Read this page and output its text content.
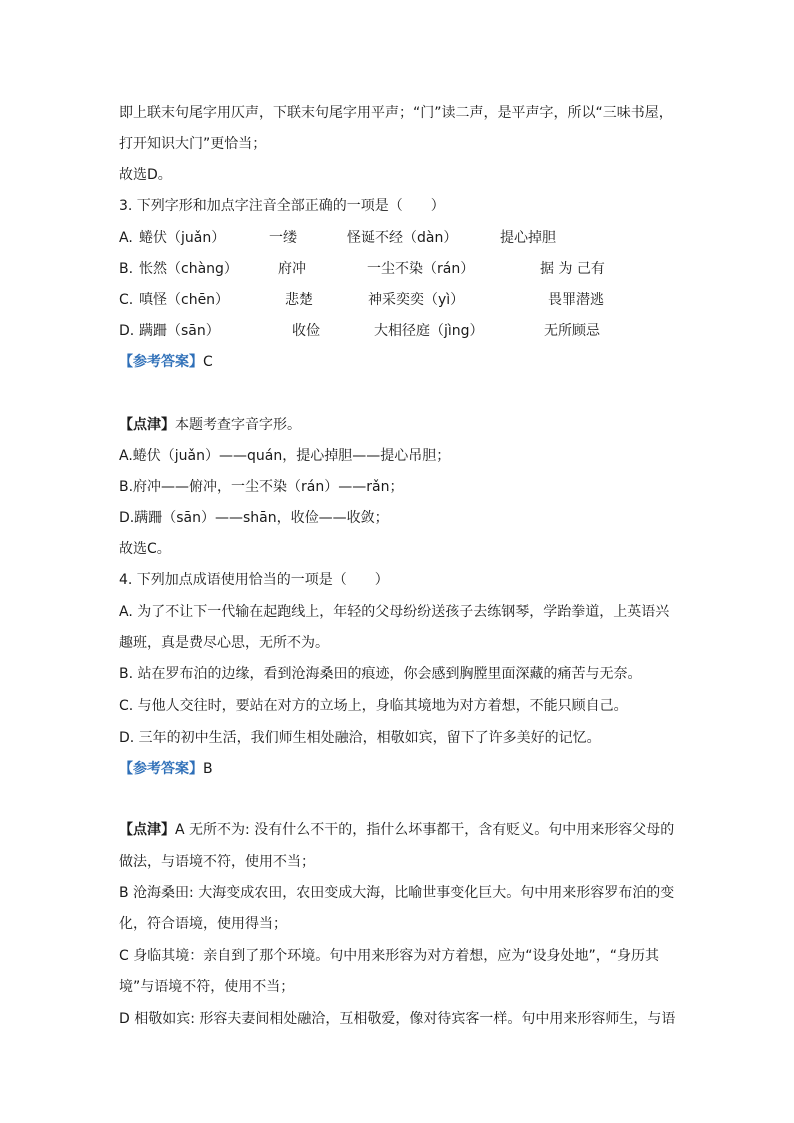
即上联末句尾字用仄声，下联末句尾字用平声；“门”读二声，是平声字，所以“三味书屋，
打开知识大门”更恰当；
故选D。
3. 下列字形和加点字注音全部正确的一项是（　　）
A. 蜷伏（juǎn）	一缕	怪诞不经（dàn）	提心掉胆
B. 怅然（chàng）	府冲	一尘不染（rán）	据 为 己有
C. 嗔怪（chēn）	悲楚	神采奕奕（yì）	畏罪潜逃
D. 蹒跚（sān）	收俭	大相径庭（jìng）	无所顾忌
【参考答案】C
【点津】本题考查字音字形。
A.蜷伏（juǎn）——quán，提心掉胆——提心吊胆；
B.府冲——俯冲，一尘不染（rán）——rǎn；
D.蹒跚（sān）——shān，收俭——收敛；
故选C。
4. 下列加点成语使用恰当的一项是（　　）
A. 为了不让下一代输在起跑线上，年轻的父母纷纷送孩子去练钢琴，学跆拳道，上英语兴
趣班，真是费尽心思，无所不为。
B. 站在罗布泊的边缘，看到沧海桑田的痕迹，你会感到胸膛里面深藏的痛苦与无奈。
C. 与他人交往时，要站在对方的立场上，身临其境地为对方着想，不能只顾自己。
D. 三年的初中生活，我们师生相处融洽，相敬如宾，留下了许多美好的记忆。
【参考答案】B
【点津】A 无所不为: 没有什么不干的，指什么坏事都干，含有贬义。句中用来形容父母的
做法，与语境不符，使用不当；
B 沧海桑田: 大海变成农田，农田变成大海，比喻世事变化巨大。句中用来形容罗布泊的变
化，符合语境，使用得当；
C 身临其境：亲自到了那个环境。句中用来形容为对方着想，应为“设身处地”，“身历其
境”与语境不符，使用不当；
D 相敬如宾: 形容夫妻间相处融洽，互相敬爱，像对待宾客一样。句中用来形容师生，与语
